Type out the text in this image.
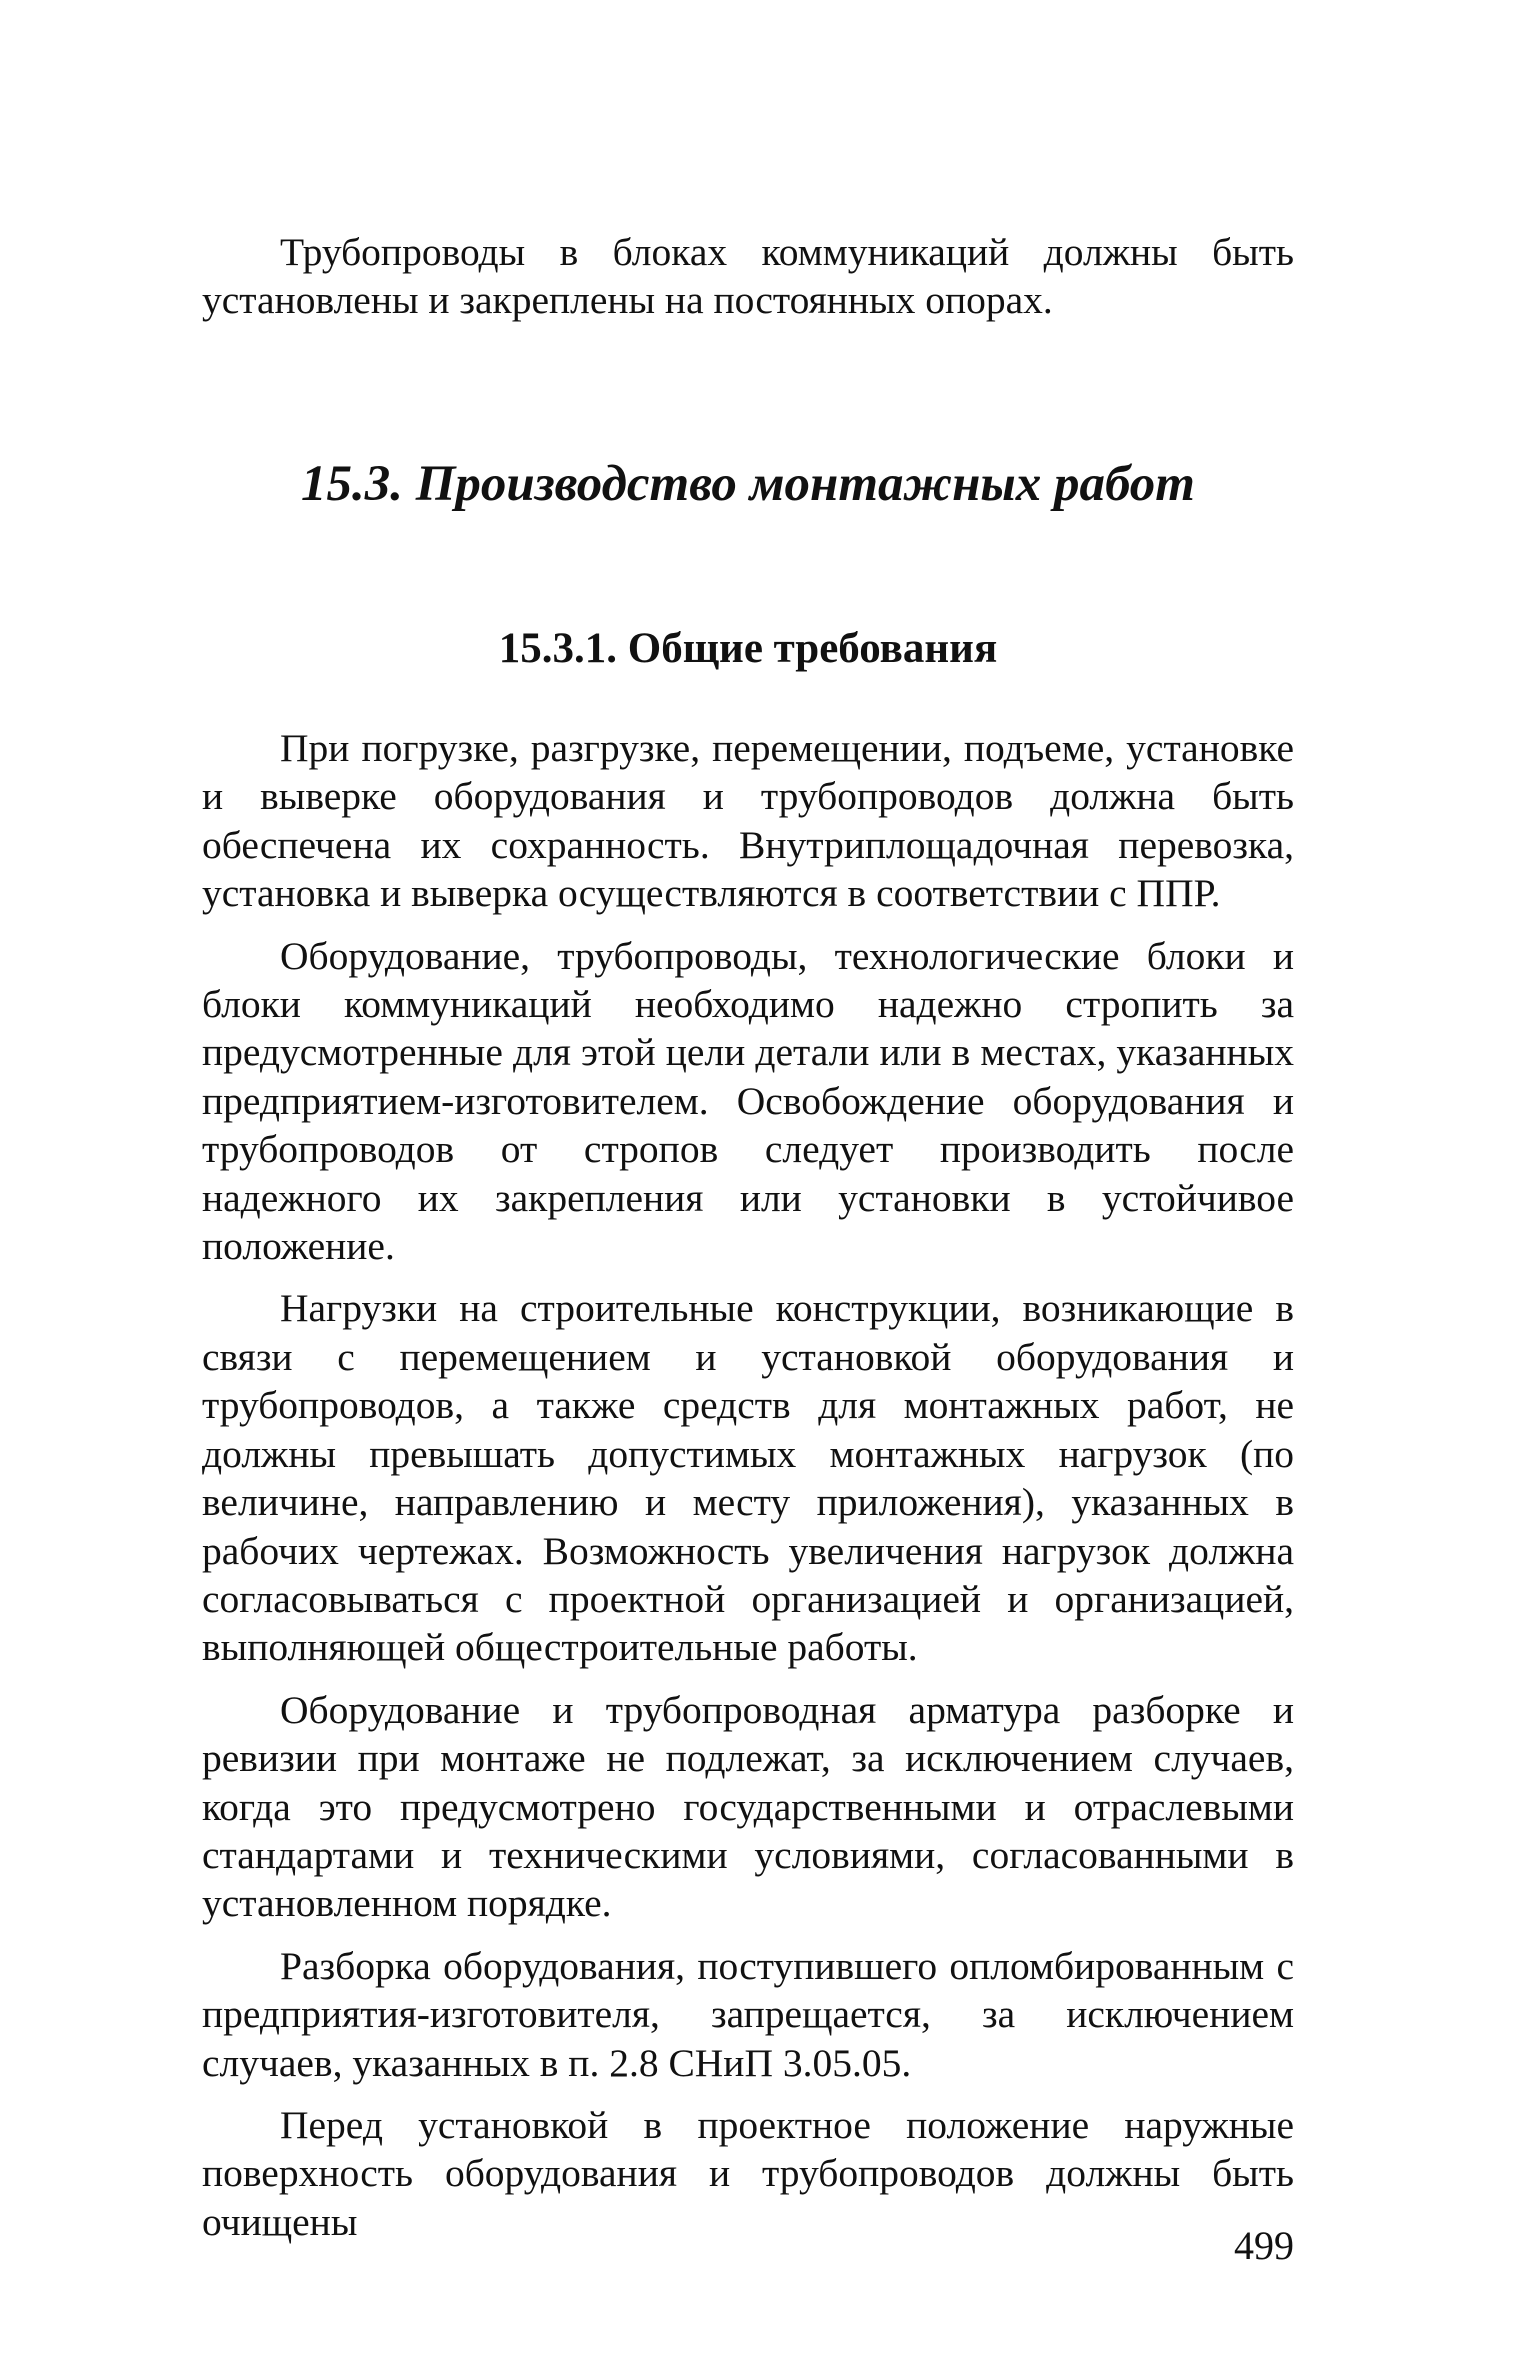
Трубопроводы в блоках коммуникаций должны быть установлены и закреплены на постоянных опорах.
15.3. Производство монтажных работ
15.3.1. Общие требования

При погрузке, разгрузке, перемещении, подъеме, установке и выверке оборудования и трубопроводов должна быть обеспечена их сохранность. Внутриплощадочная перевозка, установка и выверка осуществляются в соответствии с ППР.

Оборудование, трубопроводы, технологические блоки и блоки коммуникаций необходимо надежно стропить за предусмотренные для этой цели детали или в местах, указанных предприятием-изготовителем. Освобождение оборудования и трубопроводов от стропов следует производить после надежного их закрепления или установки в устойчивое положение.

Нагрузки на строительные конструкции, возникающие в связи с перемещением и установкой оборудования и трубопроводов, а также средств для монтажных работ, не должны превышать допустимых монтажных нагрузок (по величине, направлению и месту приложения), указанных в рабочих чертежах. Возможность увеличения нагрузок должна согласовываться с проектной организацией и организацией, выполняющей общестроительные работы.

Оборудование и трубопроводная арматура разборке и ревизии при монтаже не подлежат, за исключением случаев, когда это предусмотрено государственными и отраслевыми стандартами и техническими условиями, согласованными в установленном порядке.

Разборка оборудования, поступившего опломбированным с предприятия-изготовителя, запрещается, за исключением случаев, указанных в п. 2.8 СНиП 3.05.05.

Перед установкой в проектное положение наружные поверхность оборудования и трубопроводов должны быть очищены

499
